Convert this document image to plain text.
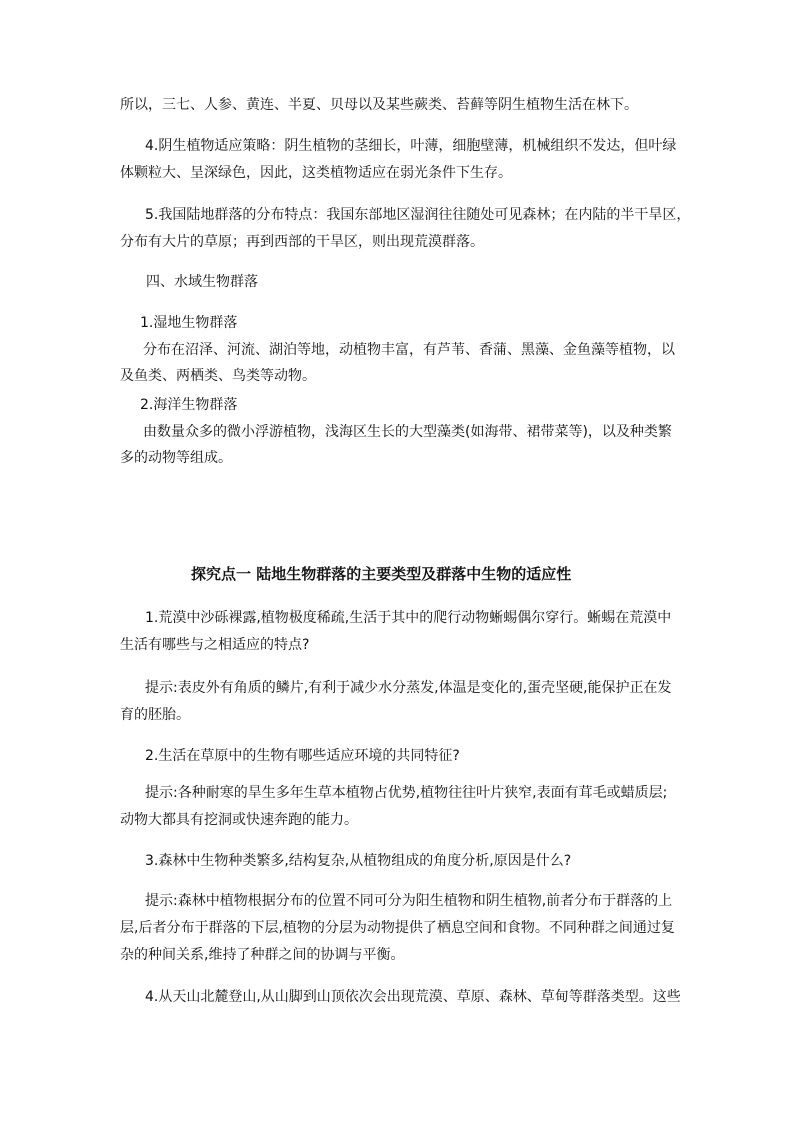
所以，三七、人参、黄连、半夏、贝母以及某些蕨类、苔藓等阴生植物生活在林下。
4.阴生植物适应策略：阴生植物的茎细长，叶薄，细胞壁薄，机械组织不发达，但叶绿
体颗粒大、呈深绿色，因此，这类植物适应在弱光条件下生存。
5.我国陆地群落的分布特点：我国东部地区湿润往往随处可见森林；在内陆的半干旱区，
分布有大片的草原；再到西部的干旱区，则出现荒漠群落。
四、水域生物群落
1.湿地生物群落
分布在沼泽、河流、湖泊等地，动植物丰富，有芦苇、香蒲、黑藻、金鱼藻等植物，以
及鱼类、两栖类、鸟类等动物。
2.海洋生物群落
由数量众多的微小浮游植物，浅海区生长的大型藻类(如海带、裙带菜等)，以及种类繁
多的动物等组成。
探究点一 陆地生物群落的主要类型及群落中生物的适应性
1.荒漠中沙砾裸露,植物极度稀疏,生活于其中的爬行动物蜥蜴偶尔穿行。蜥蜴在荒漠中
生活有哪些与之相适应的特点?
提示:表皮外有角质的鳞片,有利于减少水分蒸发,体温是变化的,蛋壳坚硬,能保护正在发
育的胚胎。
2.生活在草原中的生物有哪些适应环境的共同特征?
提示:各种耐寒的旱生多年生草本植物占优势,植物往往叶片狭窄,表面有茸毛或蜡质层;
动物大都具有挖洞或快速奔跑的能力。
3.森林中生物种类繁多,结构复杂,从植物组成的角度分析,原因是什么?
提示:森林中植物根据分布的位置不同可分为阳生植物和阴生植物,前者分布于群落的上
层,后者分布于群落的下层,植物的分层为动物提供了栖息空间和食物。不同种群之间通过复
杂的种间关系,维持了种群之间的协调与平衡。
4.从天山北麓登山,从山脚到山顶依次会出现荒漠、草原、森林、草甸等群落类型。这些
